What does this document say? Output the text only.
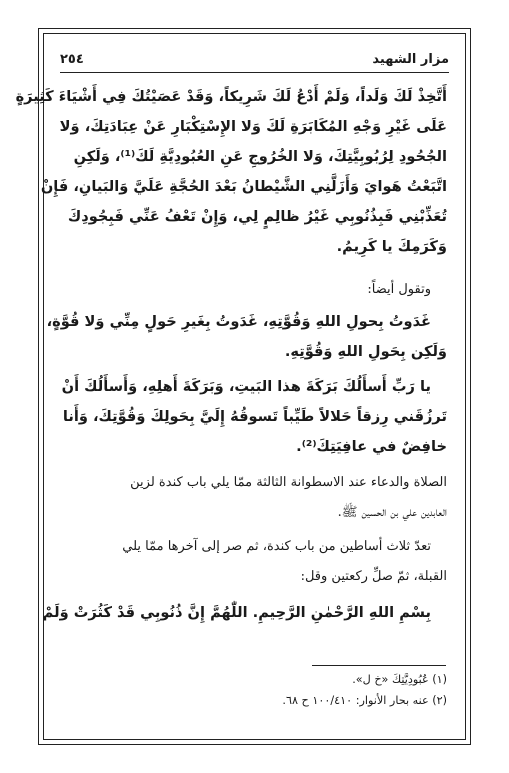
مزار الشهيد
٢٥٤
أَتَّخِذْ لَكَ وَلَداً، وَلَمْ أَدْعُ لَكَ شَرِيكاً، وَقَدْ عَصَيْتُكَ فِي أَشْيَاءَ كَثِيرَةٍ
عَلَى غَيْرِ وَجْهِ المُكَابَرَةِ لَكَ وَلا الإِسْتِكْبَارِ عَنْ عِبَادَتِكَ، وَلا
الجُحُودِ لِرُبُوبِيَّتِكَ، وَلا الخُرُوجِ عَنِ العُبُودِيَّةِ لَكَ⁽¹⁾، وَلَكِنِ
اتَّبَعْتُ هَوايَ وَأَزَلَّنِي الشَّيْطانُ بَعْدَ الحُجَّةِ عَلَيَّ وَالبَيانِ، فَإِنْ
تُعَذِّبْنِي فَبِذُنُوبِي غَيْرُ ظالِمٍ لِي، وَإِنْ تَعْفُ عَنِّي فَبِجُودِكَ
وَكَرَمِكَ يا كَرِيمُ.
وتقول أيضاً:
غَدَوتُ بِحولِ اللهِ وَقُوَّتِهِ، غَدَوتُ بِغَيرِ حَولٍ مِنِّي وَلا قُوَّةٍ،
وَلَكِن بِحَولِ اللهِ وَقُوَّتِهِ.
يا رَبِّ أَسأَلُكَ بَرَكَةَ هذا البَيتِ، وَبَرَكَةَ أَهلِهِ، وَأَسأَلُكَ أَنْ
تَرزُقَني رِزقاً حَلالاً طَيِّباً تَسوقُهُ إِلَيَّ بِحَولِكَ وَقُوَّتِكَ، وَأَنا
خافِضٌ في عافِيَتِكَ⁽²⁾.
الصلاة والدعاء عند الاسطوانة الثالثة ممّا يلي باب كندة لزين
العابدين علي بن الحسين ﷺ.
تعدّ ثلاث أساطين من باب كندة، ثم صر إلى آخرها ممّا يلي
القبلة، ثمّ صلِّ ركعتين وقل:
بِسْمِ اللهِ الرَّحْمٰنِ الرَّحِيمِ. اللّٰهُمَّ إِنَّ ذُنُوبِي قَدْ كَثُرَتْ وَلَمْ
(١) عُبُودِيَّتِكَ «خ ل».
(٢) عنه بحار الأنوار: ١٠٠/٤١٠ ح ٦٨.
